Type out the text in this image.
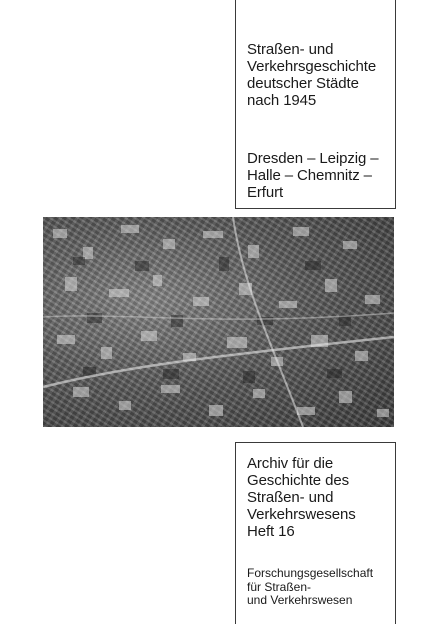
Straßen- und
Verkehrsgeschichte
deutscher Städte
nach 1945
Dresden – Leipzig –
Halle – Chemnitz –
Erfurt
Archiv für die
Geschichte des
Straßen- und
Verkehrswesens
Heft 16
Forschungsgesellschaft
für Straßen-
und Verkehrswesen
